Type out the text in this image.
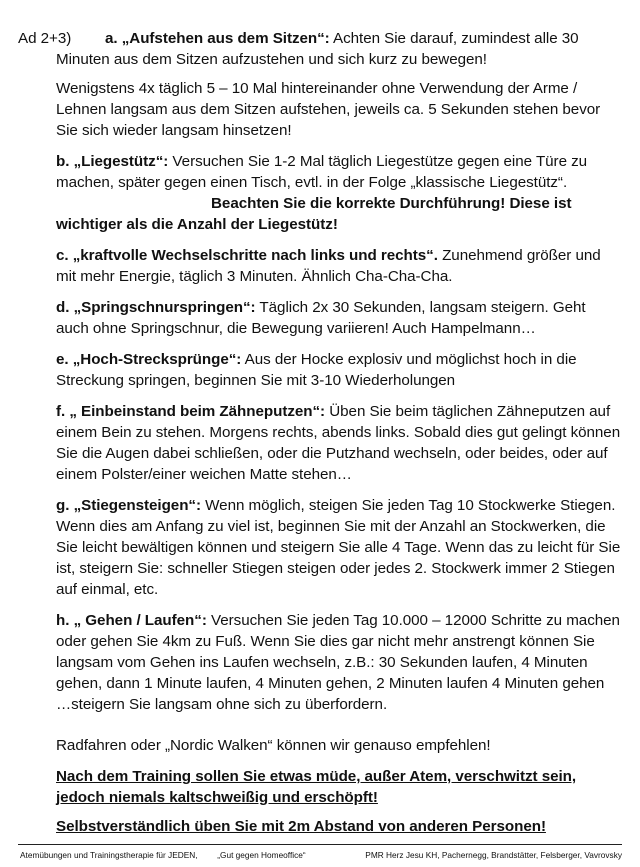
Ad 2+3) a. „Aufstehen aus dem Sitzen“: Achten Sie darauf, zumindest alle 30

Minuten aus dem Sitzen aufzustehen und sich kurz zu bewegen!

Wenigstens 4x täglich 5 – 10 Mal hintereinander ohne Verwendung der Arme / Lehnen langsam aus dem Sitzen aufstehen, jeweils ca. 5 Sekunden stehen bevor Sie sich wieder langsam hinsetzen!

b. „Liegestütz“: Versuchen Sie 1-2 Mal täglich Liegestütze gegen eine Türe zu machen, später gegen einen Tisch, evtl. in der Folge „klassische Liegestütz“. Beachten Sie die korrekte Durchführung! Diese ist wichtiger als die Anzahl der Liegestütz!

c. „kraftvolle Wechselschritte nach links und rechts“. Zunehmend größer und mit mehr Energie, täglich 3 Minuten. Ähnlich Cha-Cha-Cha.

d. „Springschnurspringen“: Täglich 2x 30 Sekunden, langsam steigern. Geht auch ohne Springschnur, die Bewegung variieren! Auch Hampelmann…

e. „Hoch-Strecksprünge“: Aus der Hocke explosiv und möglichst hoch in die Streckung springen, beginnen Sie mit 3-10 Wiederholungen

f. „ Einbeinstand beim Zähneputzen“: Üben Sie beim täglichen Zähneputzen auf einem Bein zu stehen. Morgens rechts, abends links. Sobald dies gut gelingt können Sie die Augen dabei schließen, oder die Putzhand wechseln, oder beides, oder auf einem Polster/einer weichen Matte stehen…

g. „Stiegensteigen“: Wenn möglich, steigen Sie jeden Tag 10 Stockwerke Stiegen. Wenn dies am Anfang zu viel ist, beginnen Sie mit der Anzahl an Stockwerken, die Sie leicht bewältigen können und steigern Sie alle 4 Tage. Wenn das zu leicht für Sie ist, steigern Sie: schneller Stiegen steigen oder jedes 2. Stockwerk immer 2 Stiegen auf einmal, etc.

h. „ Gehen / Laufen“: Versuchen Sie jeden Tag 10.000 – 12000 Schritte zu machen oder gehen Sie 4km zu Fuß. Wenn Sie dies gar nicht mehr anstrengt können Sie langsam vom Gehen ins Laufen wechseln, z.B.: 30 Sekunden laufen, 4 Minuten gehen, dann 1 Minute laufen, 4 Minuten gehen, 2 Minuten laufen 4 Minuten gehen …steigern Sie langsam ohne sich zu überfordern.

Radfahren oder „Nordic Walken“ können wir genauso empfehlen!

Nach dem Training sollen Sie etwas müde, außer Atem, verschwitzt sein, jedoch niemals kaltschweißig und erschöpft!

Selbstverständlich üben Sie mit 2m Abstand von anderen Personen!

Atemübungen und Trainingstherapie für JEDEN, „Gut gegen Homeoffice“	PMR Herz Jesu KH, Pachernegg, Brandstätter, Felsberger, Vavrovsky
